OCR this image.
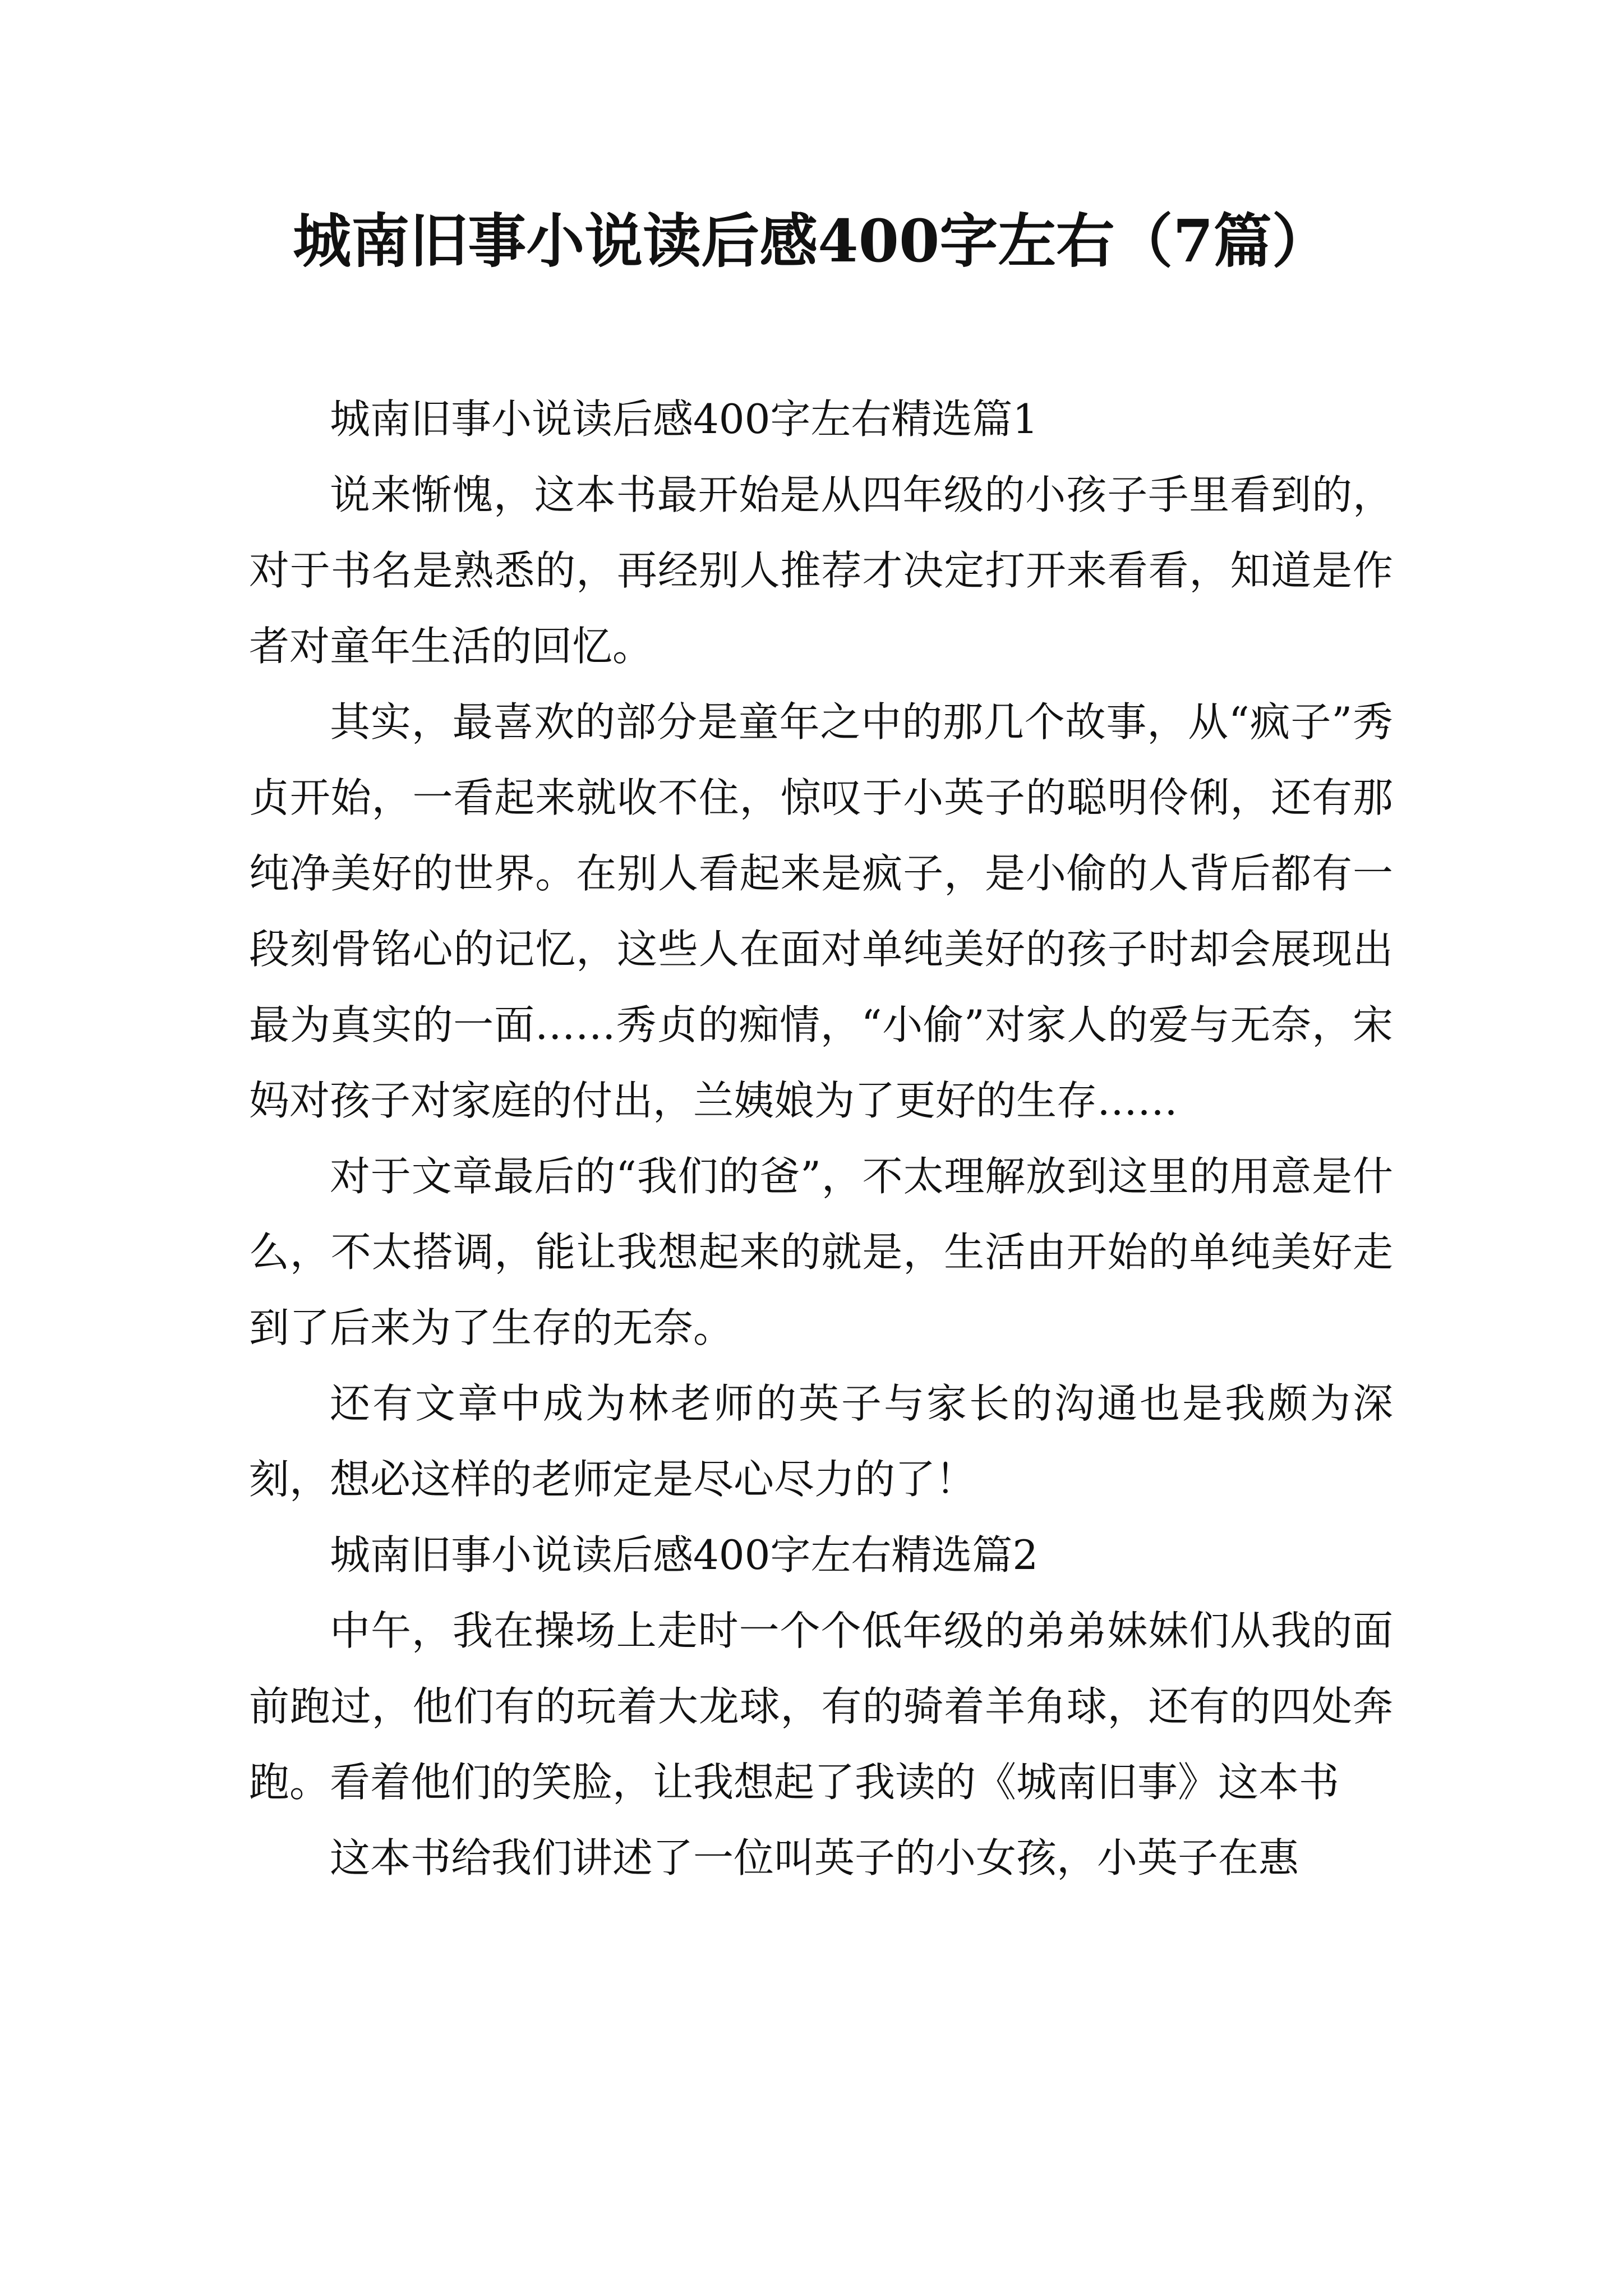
城南旧事小说读后感400字左右（7篇）

城南旧事小说读后感400字左右精选篇1

说来惭愧，这本书最开始是从四年级的小孩子手里看到的，对于书名是熟悉的，再经别人推荐才决定打开来看看，知道是作者对童年生活的回忆。

其实，最喜欢的部分是童年之中的那几个故事，从“疯子”秀贞开始，一看起来就收不住，惊叹于小英子的聪明伶俐，还有那纯净美好的世界。在别人看起来是疯子，是小偷的人背后都有一段刻骨铭心的记忆，这些人在面对单纯美好的孩子时却会展现出最为真实的一面……秀贞的痴情，“小偷”对家人的爱与无奈，宋妈对孩子对家庭的付出，兰姨娘为了更好的生存……

对于文章最后的“我们的爸”，不太理解放到这里的用意是什么，不太搭调，能让我想起来的就是，生活由开始的单纯美好走到了后来为了生存的无奈。

还有文章中成为林老师的英子与家长的沟通也是我颇为深刻，想必这样的老师定是尽心尽力的了！

城南旧事小说读后感400字左右精选篇2

中午，我在操场上走时一个个低年级的弟弟妹妹们从我的面前跑过，他们有的玩着大龙球，有的骑着羊角球，还有的四处奔跑。看着他们的笑脸，让我想起了我读的《城南旧事》这本书

这本书给我们讲述了一位叫英子的小女孩，小英子在惠
